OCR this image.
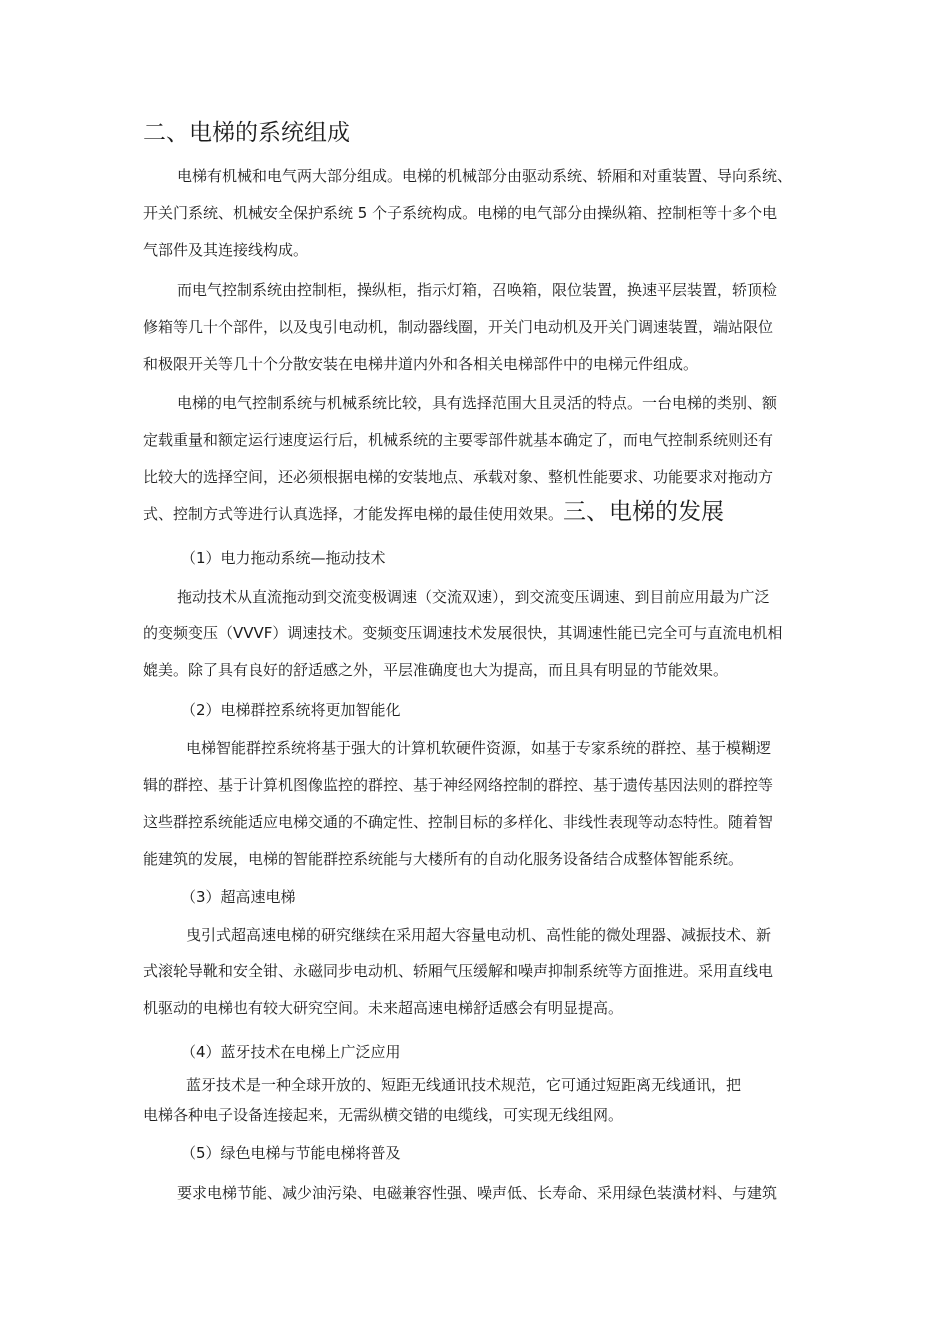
二、电梯的系统组成
电梯有机械和电气两大部分组成。电梯的机械部分由驱动系统、轿厢和对重装置、导向系统、
开关门系统、机械安全保护系统 5 个子系统构成。电梯的电气部分由操纵箱、控制柜等十多个电
气部件及其连接线构成。
而电气控制系统由控制柜，操纵柜，指示灯箱，召唤箱，限位装置，换速平层装置，轿顶检
修箱等几十个部件，以及曳引电动机，制动器线圈，开关门电动机及开关门调速装置，端站限位
和极限开关等几十个分散安装在电梯井道内外和各相关电梯部件中的电梯元件组成。
电梯的电气控制系统与机械系统比较，具有选择范围大且灵活的特点。一台电梯的类别、额
定载重量和额定运行速度运行后，机械系统的主要零部件就基本确定了，而电气控制系统则还有
比较大的选择空间，还必须根据电梯的安装地点、承载对象、整机性能要求、功能要求对拖动方
式、控制方式等进行认真选择，才能发挥电梯的最佳使用效果。三、电梯的发展
（1）电力拖动系统—拖动技术
拖动技术从直流拖动到交流变极调速（交流双速），到交流变压调速、到目前应用最为广泛
的变频变压（VVVF）调速技术。变频变压调速技术发展很快，其调速性能已完全可与直流电机相
媲美。除了具有良好的舒适感之外，平层准确度也大为提高，而且具有明显的节能效果。
（2）电梯群控系统将更加智能化
电梯智能群控系统将基于强大的计算机软硬件资源，如基于专家系统的群控、基于模糊逻
辑的群控、基于计算机图像监控的群控、基于神经网络控制的群控、基于遗传基因法则的群控等
这些群控系统能适应电梯交通的不确定性、控制目标的多样化、非线性表现等动态特性。随着智
能建筑的发展，电梯的智能群控系统能与大楼所有的自动化服务设备结合成整体智能系统。
（3）超高速电梯
曳引式超高速电梯的研究继续在采用超大容量电动机、高性能的微处理器、减振技术、新
式滚轮导靴和安全钳、永磁同步电动机、轿厢气压缓解和噪声抑制系统等方面推进。采用直线电
机驱动的电梯也有较大研究空间。未来超高速电梯舒适感会有明显提高。
（4）蓝牙技术在电梯上广泛应用
蓝牙技术是一种全球开放的、短距无线通讯技术规范，它可通过短距离无线通讯，把
电梯各种电子设备连接起来，无需纵横交错的电缆线，可实现无线组网。
（5）绿色电梯与节能电梯将普及
要求电梯节能、减少油污染、电磁兼容性强、噪声低、长寿命、采用绿色装潢材料、与建筑
